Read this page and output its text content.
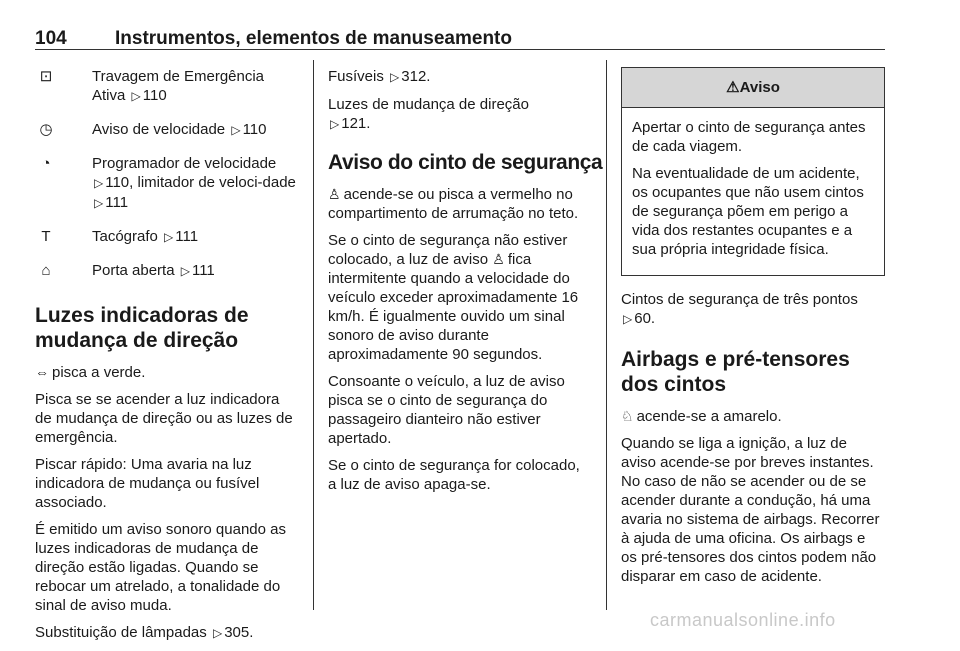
104	Instrumentos, elementos de manuseamento
⊡	Travagem de Emergência Ativa ▷ 110
◷	Aviso de velocidade ▷ 110
◔	Programador de velocidade ▷ 110, limitador de veloci-dade ▷ 111
T	Tacógrafo ▷ 111
⌂	Porta aberta ▷ 111
Luzes indicadoras de mudança de direção

⇔ pisca a verde.

Pisca se se acender a luz indicadora de mudança de direção ou as luzes de emergência.

Piscar rápido: Uma avaria na luz indicadora de mudança ou fusível associado.

É emitido um aviso sonoro quando as luzes indicadoras de mudança de direção estão ligadas. Quando se rebocar um atrelado, a tonalidade do sinal de aviso muda.

Substituição de lâmpadas ▷ 305.

Fusíveis ▷ 312.

Luzes de mudança de direção
▷ 121.

Aviso do cinto de segurança

♙ acende-se ou pisca a vermelho no compartimento de arrumação no teto.

Se o cinto de segurança não estiver colocado, a luz de aviso ♙ fica intermitente quando a velocidade do veículo exceder aproximadamente 16 km/h. É igualmente ouvido um sinal sonoro de aviso durante aproximadamente 90 segundos.

Consoante o veículo, a luz de aviso pisca se o cinto de segurança do passageiro dianteiro não estiver apertado.

Se o cinto de segurança for colocado, a luz de aviso apaga-se.

⚠Aviso

Apertar o cinto de segurança antes de cada viagem.

Na eventualidade de um acidente, os ocupantes que não usem cintos de segurança põem em perigo a vida dos restantes ocupantes e a sua própria integridade física.

Cintos de segurança de três pontos
▷ 60.

Airbags e pré-tensores dos cintos

♘ acende-se a amarelo.

Quando se liga a ignição, a luz de aviso acende-se por breves instantes. No caso de não se acender ou de se acender durante a condução, há uma avaria no sistema de airbags. Recorrer à ajuda de uma oficina. Os airbags e os pré-tensores dos cintos podem não disparar em caso de acidente.

carmanualsonline.info
